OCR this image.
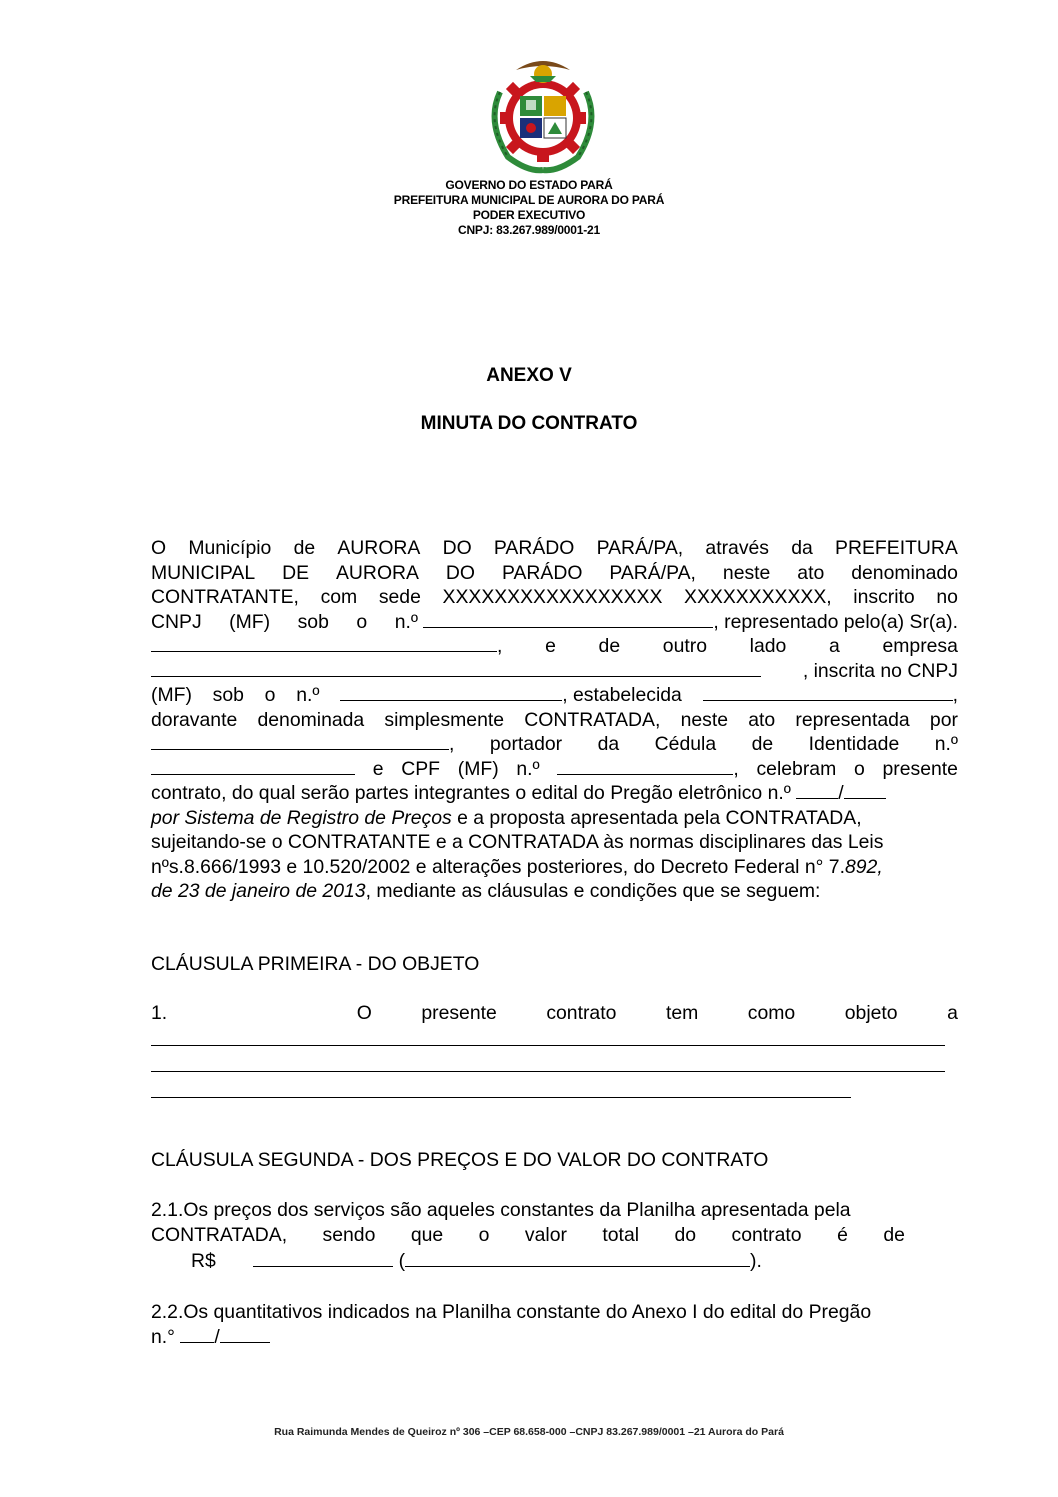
GOVERNO DO ESTADO PARÁ
PREFEITURA MUNICIPAL DE AURORA DO PARÁ
PODER EXECUTIVO
CNPJ: 83.267.989/0001-21
ANEXO V
MINUTA DO CONTRATO
O Município de AURORA DO PARÁDO PARÁ/PA, através da PREFEITURA
MUNICIPAL DE AURORA DO PARÁDO PARÁ/PA, neste ato denominado
CONTRATANTE, com sede XXXXXXXXXXXXXXXXX XXXXXXXXXXX, inscrito no
CNPJ (MF) sob o n.º	, representado pelo(a) Sr(a).
, e de outro lado a empresa
, inscrita no CNPJ
(MF) sob o n.º	, estabelecida	,
doravante denominada simplesmente CONTRATADA, neste ato representada por
, portador da Cédula de Identidade n.º
e CPF (MF) n.º	, celebram o presente
contrato, do qual serão partes integrantes o edital do Pregão eletrônico n.º /
por Sistema de Registro de Preços e a proposta apresentada pela CONTRATADA,
sujeitando-se o CONTRATANTE e a CONTRATADA às normas disciplinares das Leis
nºs.8.666/1993 e 10.520/2002 e alterações posteriores, do Decreto Federal n° 7.892,
de 23 de janeiro de 2013, mediante as cláusulas e condições que se seguem:
CLÁUSULA PRIMEIRA - DO OBJETO
1.	O	presente	contrato	tem	como	objeto	a
CLÁUSULA SEGUNDA - DOS PREÇOS E DO VALOR DO CONTRATO
2.1.Os preços dos serviços são aqueles constantes da Planilha apresentada pela
CONTRATADA, sendo que o valor total do contrato é de
R$	(	).
2.2.Os quantitativos indicados na Planilha constante do Anexo I do edital do Pregão
n.° /
Rua Raimunda Mendes de Queiroz nº 306 –CEP 68.658-000 –CNPJ 83.267.989/0001 –21 Aurora do Pará
